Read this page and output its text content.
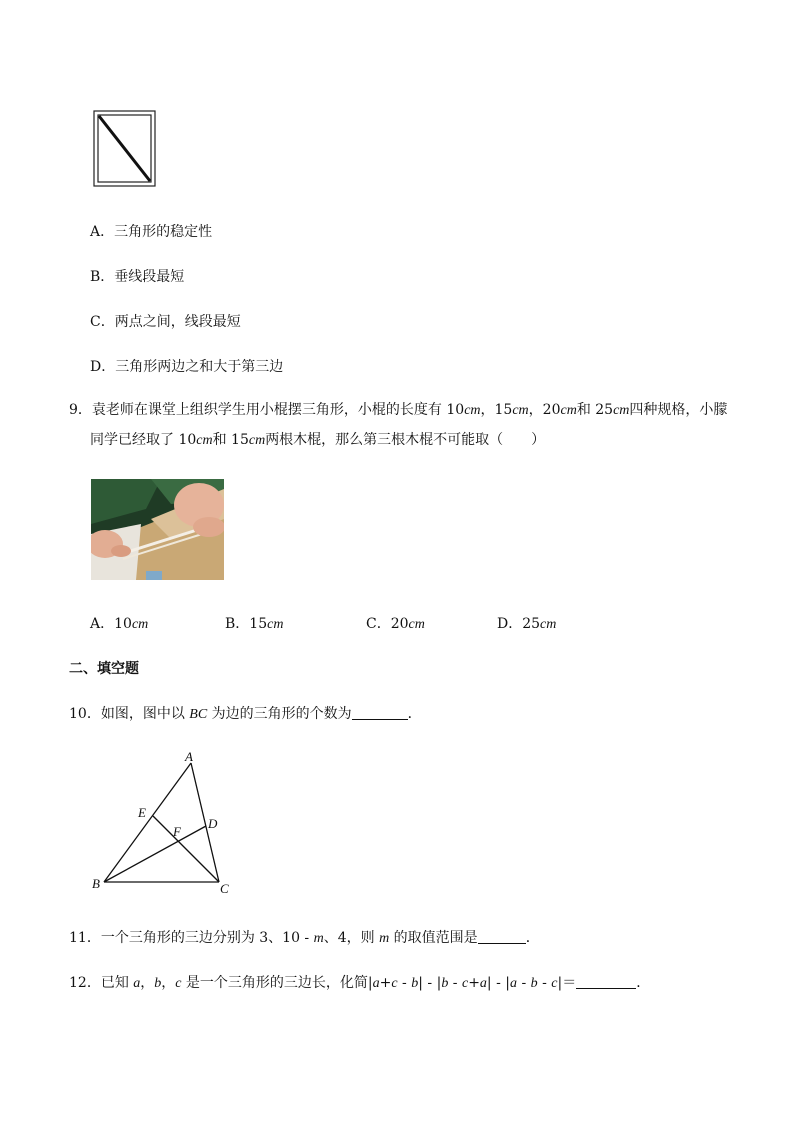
A．三角形的稳定性
B．垂线段最短
C．两点之间，线段最短
D．三角形两边之和大于第三边
9．袁老师在课堂上组织学生用小棍摆三角形，小棍的长度有 10cm，15cm，20cm和 25cm四种规格，小朦
同学已经取了 10cm和 15cm两根木棍，那么第三根木棍不可能取（　　）
A．10cm	B．15cm	C．20cm	D．25cm
二、填空题
10．如图，图中以 BC 为边的三角形的个数为	．
A
B	C
D
E
F
11．一个三角形的三边分别为 3、10 - m、4，则 m 的取值范围是	．
12．已知 a，b，c 是一个三角形的三边长，化简|a+c - b| - |b - c+a| - |a - b - c|＝	．
